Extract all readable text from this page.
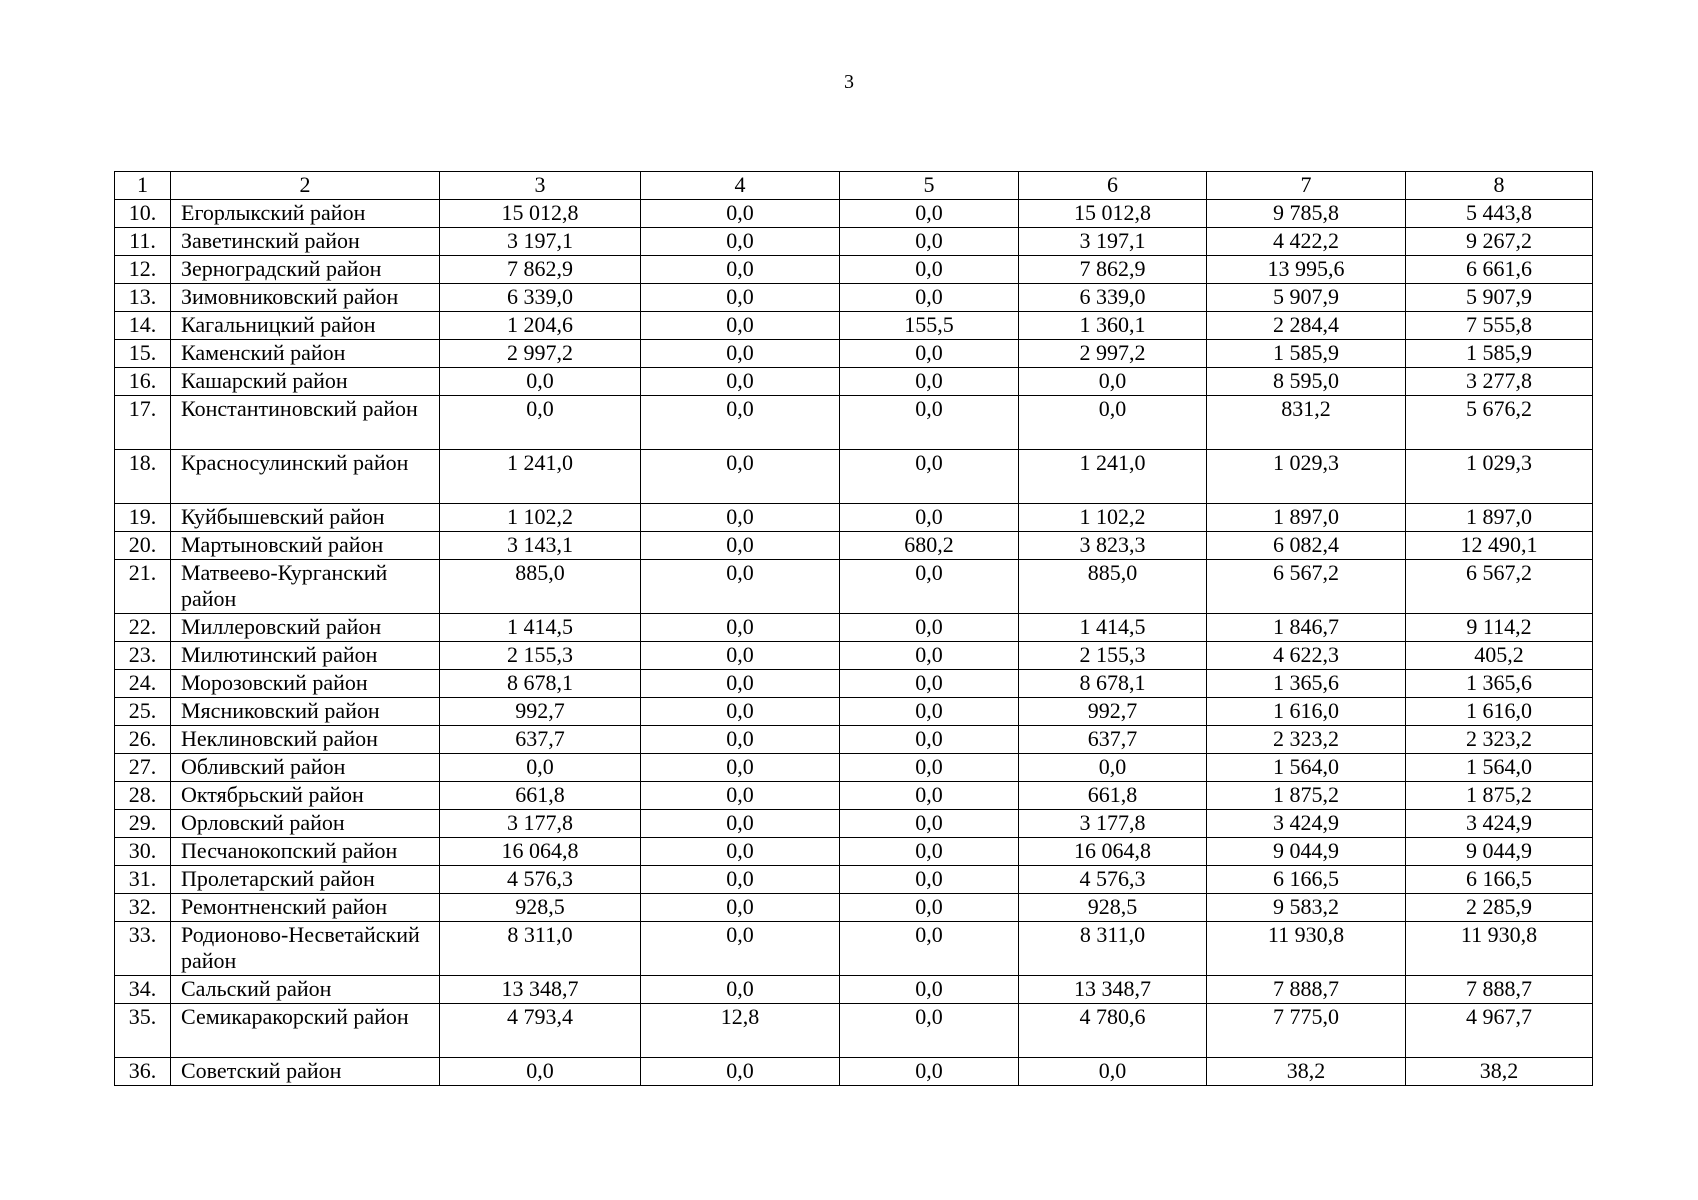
3
1	2	3	4	5	6	7	8
10.	Егорлыкский район	15 012,8	0,0	0,0	15 012,8	9 785,8	5 443,8
11.	Заветинский район	3 197,1	0,0	0,0	3 197,1	4 422,2	9 267,2
12.	Зерноградский район	7 862,9	0,0	0,0	7 862,9	13 995,6	6 661,6
13.	Зимовниковский район	6 339,0	0,0	0,0	6 339,0	5 907,9	5 907,9
14.	Кагальницкий район	1 204,6	0,0	155,5	1 360,1	2 284,4	7 555,8
15.	Каменский район	2 997,2	0,0	0,0	2 997,2	1 585,9	1 585,9
16.	Кашарский район	0,0	0,0	0,0	0,0	8 595,0	3 277,8
17.	Константиновский район	0,0	0,0	0,0	0,0	831,2	5 676,2
18.	Красносулинский район	1 241,0	0,0	0,0	1 241,0	1 029,3	1 029,3
19.	Куйбышевский район	1 102,2	0,0	0,0	1 102,2	1 897,0	1 897,0
20.	Мартыновский район	3 143,1	0,0	680,2	3 823,3	6 082,4	12 490,1
21.	Матвеево-Курганский район	885,0	0,0	0,0	885,0	6 567,2	6 567,2
22.	Миллеровский район	1 414,5	0,0	0,0	1 414,5	1 846,7	9 114,2
23.	Милютинский район	2 155,3	0,0	0,0	2 155,3	4 622,3	405,2
24.	Морозовский район	8 678,1	0,0	0,0	8 678,1	1 365,6	1 365,6
25.	Мясниковский район	992,7	0,0	0,0	992,7	1 616,0	1 616,0
26.	Неклиновский район	637,7	0,0	0,0	637,7	2 323,2	2 323,2
27.	Обливский район	0,0	0,0	0,0	0,0	1 564,0	1 564,0
28.	Октябрьский район	661,8	0,0	0,0	661,8	1 875,2	1 875,2
29.	Орловский район	3 177,8	0,0	0,0	3 177,8	3 424,9	3 424,9
30.	Песчанокопский район	16 064,8	0,0	0,0	16 064,8	9 044,9	9 044,9
31.	Пролетарский район	4 576,3	0,0	0,0	4 576,3	6 166,5	6 166,5
32.	Ремонтненский район	928,5	0,0	0,0	928,5	9 583,2	2 285,9
33.	Родионово-Несветайский район	8 311,0	0,0	0,0	8 311,0	11 930,8	11 930,8
34.	Сальский район	13 348,7	0,0	0,0	13 348,7	7 888,7	7 888,7
35.	Семикаракорский район	4 793,4	12,8	0,0	4 780,6	7 775,0	4 967,7
36.	Советский район	0,0	0,0	0,0	0,0	38,2	38,2
